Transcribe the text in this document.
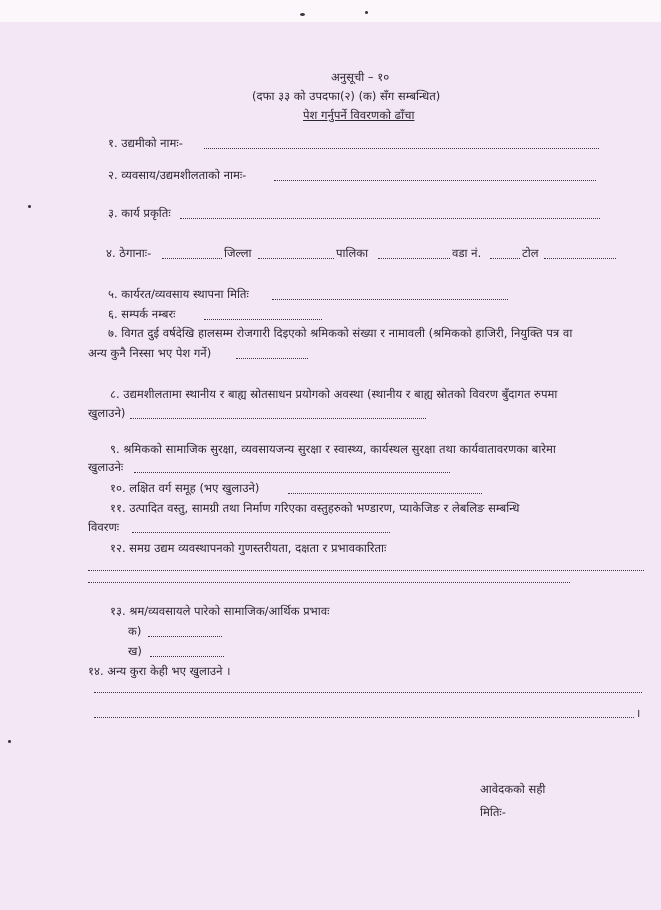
अनुसूची – १०
(दफा ३३ को उपदफा(२) (क) सँग सम्बन्धित)
पेश गर्नुपर्ने विवरणको ढाँचा
१. उद्यमीको नामः-
२. व्यवसाय/उद्यमशीलताको नामः-
३. कार्य प्रकृतिः
४. ठेगानाः-	जिल्ला	पालिका	वडा नं.	टोल
५. कार्यरत/व्यवसाय स्थापना मितिः
६. सम्पर्क नम्बरः
७. विगत दुई वर्षदेखि हालसम्म रोजगारी दिइएको श्रमिकको संख्या र नामावली (श्रमिकको हाजिरी, नियुक्ति पत्र वा
अन्य कुनै निस्सा भए पेश गर्ने)
८. उद्यमशीलतामा स्थानीय र बाह्य स्रोतसाधन प्रयोगको अवस्था (स्थानीय र बाह्य स्रोतको विवरण बुँदागत रुपमा
खुलाउने)
९. श्रमिकको सामाजिक सुरक्षा, व्यवसायजन्य सुरक्षा र स्वास्थ्य, कार्यस्थल सुरक्षा तथा कार्यवातावरणका बारेमा
खुलाउनेः
१०. लक्षित वर्ग समूह (भए खुलाउने)
११. उत्पादित वस्तु, सामग्री तथा निर्माण गरिएका वस्तुहरुको भण्डारण, प्याकेजिङ र लेबलिङ सम्बन्धि
विवरणः
१२. समग्र उद्यम व्यवस्थापनको गुणस्तरीयता, दक्षता र प्रभावकारिताः
१३. श्रम/व्यवसायले पारेको सामाजिक/आर्थिक प्रभावः
क)
ख)
१४. अन्य कुरा केही भए खुलाउने ।
।
आवेदकको सही
मितिः-
